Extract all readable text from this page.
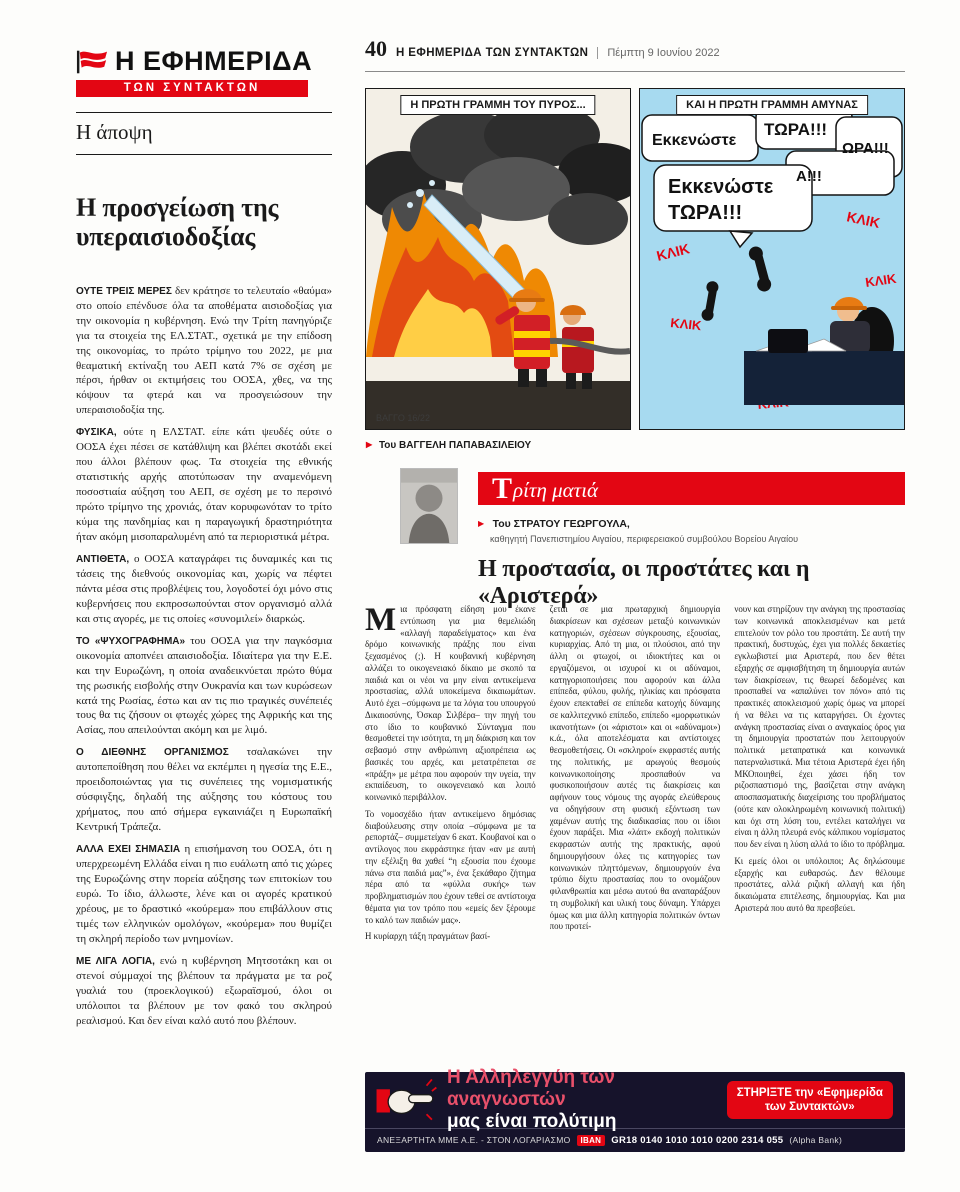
Η ΕΦΗΜΕΡΙΔΑ
ΤΩΝ ΣΥΝΤΑΚΤΩΝ
40 Η ΕΦΗΜΕΡΙΔΑ ΤΩΝ ΣΥΝΤΑΚΤΩΝ	Πέμπτη 9 Ιουνίου 2022
Η άποψη
Η προσγείωση της υπεραισιοδοξίας

ΟΥΤΕ ΤΡΕΙΣ ΜΕΡΕΣ δεν κράτησε το τελευταίο «θαύμα» στο οποίο επένδυσε όλα τα αποθέματα αισιοδοξίας για την οικονομία η κυβέρνηση. Ενώ την Τρίτη πανηγύριζε για τα στοιχεία της ΕΛ.ΣΤΑΤ., σχετικά με την επίδοση της οικονομίας, το πρώτο τρίμηνο του 2022, με μια θεαματική εκτίναξη του ΑΕΠ κατά 7% σε σχέση με πέρσι, ήρθαν οι εκτιμήσεις του ΟΟΣΑ, χθες, να της κόψουν τα φτερά και να προσγειώσουν την υπεραισιοδοξία της.

ΦΥΣΙΚΑ, ούτε η ΕΛΣΤΑΤ. είπε κάτι ψευδές ούτε ο ΟΟΣΑ έχει πέσει σε κατάθλιψη και βλέπει σκοτάδι εκεί που άλλοι βλέπουν φως. Τα στοιχεία της εθνικής στατιστικής αρχής αποτύπωσαν την αναμενόμενη ποσοστιαία αύξηση του ΑΕΠ, σε σχέση με το περσινό πρώτο τρίμηνο της χρονιάς, όταν κορυφωνόταν το τρίτο κύμα της πανδημίας και η παραγωγική δραστηριότητα ήταν ακόμη μισοπαραλυμένη από τα περιοριστικά μέτρα.

ΑΝΤΙΘΕΤΑ, ο ΟΟΣΑ καταγράφει τις δυναμικές και τις τάσεις της διεθνούς οικονομίας και, χωρίς να πέφτει πάντα μέσα στις προβλέψεις του, λογοδοτεί όχι μόνο στις κυβερνήσεις που εκπροσωπούνται στον οργανισμό αλλά και στις αγορές, με τις οποίες «συνομιλεί» διαρκώς.

ΤΟ «ΨΥΧΟΓΡΑΦΗΜΑ» του ΟΟΣΑ για την παγκόσμια οικονομία αποπνέει απαισιοδοξία. Ιδιαίτερα για την Ε.Ε. και την Ευρωζώνη, η οποία αναδεικνύεται πρώτο θύμα της ρωσικής εισβολής στην Ουκρανία και των κυρώσεων κατά της Ρωσίας, έστω και αν τις πιο τραγικές συνέπειές τους θα τις ζήσουν οι φτωχές χώρες της Αφρικής και της Ασίας, που απειλούνται ακόμη και με λιμό.

Ο ΔΙΕΘΝΗΣ ΟΡΓΑΝΙΣΜΟΣ τσαλακώνει την αυτοπεποίθηση που θέλει να εκπέμπει η ηγεσία της Ε.Ε., προειδοποιώντας για τις συνέπειες της νομισματικής σύσφιγξης, δηλαδή της αύξησης του κόστους του χρήματος, που από σήμερα εγκαινιάζει η Ευρωπαϊκή Κεντρική Τράπεζα.

ΑΛΛΑ ΕΧΕΙ ΣΗΜΑΣΙΑ η επισήμανση του ΟΟΣΑ, ότι η υπερχρεωμένη Ελλάδα είναι η πιο ευάλωτη από τις χώρες της Ευρωζώνης στην πορεία αύξησης των επιτοκίων του ευρώ. Το ίδιο, άλλωστε, λένε και οι αγορές κρατικού χρέους, με το δραστικό «κούρεμα» που επιβάλλουν στις τιμές των ελληνικών ομολόγων, «κούρεμα» που θυμίζει τη σκληρή περίοδο των μνημονίων.

ΜΕ ΛΙΓΑ ΛΟΓΙΑ, ενώ η κυβέρνηση Μητσοτάκη και οι στενοί σύμμαχοί της βλέπουν τα πράγματα με τα ροζ γυαλιά του (προεκλογικού) εξωραϊσμού, όλοι οι υπόλοιποι τα βλέπουν με τον φακό του σκληρού ρεαλισμού. Και δεν είναι καλό αυτό που βλέπουν.

Η ΠΡΩΤΗ ΓΡΑΜΜΗ ΤΟΥ ΠΥΡΟΣ...
ΒΑΓΓΟ 16/22
ΚΑΙ Η ΠΡΩΤΗ ΓΡΑΜΜΗ ΑΜΥΝΑΣ
Εκκενώστε
ΤΩΡΑ!!!
ΩΡΑ!!!
Α!!!
Εκκενώστε
ΤΩΡΑ!!!
ΚΛΙΚ
ΚΛΙΚ
ΚΛΙΚ
ΚΛΙΚ
▶ Του ΒΑΓΓΕΛΗ ΠΑΠΑΒΑΣΙΛΕΙΟΥ
Τ ρίτη ματιά
▶ Του ΣΤΡΑΤΟΥ ΓΕΩΡΓΟΥΛΑ,
καθηγητή Πανεπιστημίου Αιγαίου, περιφερειακού συμβούλου Βορείου Αιγαίου
Η προστασία, οι προστάτες και η «Αριστερά»

Μια πρόσφατη είδηση μου έκανε εντύπωση για μια θεμελιώδη «αλλαγή παραδείγματος» και ένα δρόμο κοινωνικής πράξης που είναι ξεχασμένος (;). Η κουβανική κυβέρνηση αλλάζει το οικογενειακό δίκαιο με σκοπό τα παιδιά και οι νέοι να μην είναι αντικείμενα προστασίας, αλλά υποκείμενα δικαιωμάτων. Αυτό έχει –σύμφωνα με τα λόγια του υπουργού Δικαιοσύνης, Όσκαρ Σιλβέρα– την πηγή του στο ίδιο το κουβανικό Σύνταγμα που θεσμοθετεί την ισότητα, τη μη διάκριση και τον σεβασμό στην ανθρώπινη αξιοπρέπεια ως βασικές του αρχές, και μετατρέπεται σε «πράξη» με μέτρα που αφορούν την υγεία, την εκπαίδευση, το οικογενειακό και λοιπό κοινωνικό περιβάλλον.

Το νομοσχέδιο ήταν αντικείμενο δημόσιας διαβούλευσης στην οποία –σύμφωνα με τα ρεπορτάζ– συμμετείχαν 6 εκατ. Κουβανοί και ο αντίλογος που εκφράστηκε ήταν «αν με αυτή την εξέλιξη θα χαθεί “η εξουσία που έχουμε πάνω στα παιδιά μας”», ένα ξεκάθαρο ζήτημα πέρα από τα «φύλλα συκής» των προβληματισμών που έχουν τεθεί σε αντίστοιχα θέματα για τον τρόπο που «εμείς δεν ξέρουμε το καλό των παιδιών μας».

Η κυρίαρχη τάξη πραγμάτων βασί-

ζεται σε μια πρωταρχική δημιουργία διακρίσεων και σχέσεων μεταξύ κοινωνικών κατηγοριών, σχέσεων σύγκρουσης, εξουσίας, κυριαρχίας. Από τη μια, οι πλούσιοι, από την άλλη οι φτωχοί, οι ιδιοκτήτες και οι εργαζόμενοι, οι ισχυροί κι οι αδύναμοι, κατηγοριοποιήσεις που αφορούν και άλλα επίπεδα, φύλου, φυλής, ηλικίας και πρόσφατα έχουν επεκταθεί σε επίπεδα κατοχής δύναμης σε καλλιτεχνικό επίπεδο, επίπεδο «μορφωτικών ικανοτήτων» (οι «άριστοι» και οι «αδύναμοι») κ.ά., όλα αποτελέσματα και αντίστοιχες θεσμοθετήσεις. Οι «σκληροί» εκφραστές αυτής της πολιτικής, με αρωγούς θεσμούς κοινωνικοποίησης προσπαθούν να φυσικοποιήσουν αυτές τις διακρίσεις και αφήνουν τους νόμους της αγοράς ελεύθερους να οδηγήσουν στη φυσική εξόντωση των χαμένων αυτής της διαδικασίας που οι ίδιοι έχουν παράξει. Μια «λάιτ» εκδοχή πολιτικών εκφραστών αυτής της πρακτικής, αφού δημιουργήσουν όλες τις κατηγορίες των κοινωνικών πληττόμενων, δημιουργούν ένα τρύπιο δίχτυ προστασίας που το ονομάζουν φιλανθρωπία και μέσω αυτού θα αναπαράξουν τη συμβολική και υλική τους δύναμη. Υπάρχει όμως και μια άλλη κατηγορία πολιτικών όντων που προτεί-

νουν και στηρίζουν την ανάγκη της προστασίας των κοινωνικά αποκλεισμένων και μετά επιτελούν τον ρόλο του προστάτη. Σε αυτή την πρακτική, δυστυχώς, έχει για πολλές δεκαετίες εγκλωβιστεί μια Αριστερά, που δεν θέτει εξαρχής σε αμφισβήτηση τη δημιουργία αυτών των διακρίσεων, τις θεωρεί δεδομένες και προσπαθεί να «απαλύνει τον πόνο» από τις πρακτικές αποκλεισμού χωρίς όμως να μπορεί ή να θέλει να τις καταργήσει. Οι έχοντες ανάγκη προστασίας είναι ο αναγκαίος όρος για τη δημιουργία προστατών που λειτουργούν πολιτικά μεταπρατικά και κοινωνικά πατερναλιστικά. Μια τέτοια Αριστερά έχει ήδη ΜΚΟποιηθεί, έχει χάσει ήδη τον ριζοσπαστισμό της, βασίζεται στην ανάγκη αποσπασματικής διαχείρισης του προβλήματος (ούτε καν ολοκληρωμένη κοινωνική πολιτική) και όχι στη λύση του, εντέλει καταλήγει να είναι η άλλη πλευρά ενός κάλπικου νομίσματος που δεν είναι η λύση αλλά το ίδιο το πρόβλημα.

Κι εμείς όλοι οι υπόλοιποι; Ας δηλώσουμε εξαρχής και ευθαρσώς. Δεν θέλουμε προστάτες, αλλά ριζική αλλαγή και ήδη δικαιώματα επιτέλεσης, δημιουργίας. Και μια Αριστερά που αυτό θα πρεσβεύει.

Η Αλληλεγγύη των αναγνωστών
μας είναι πολύτιμη
ΣΤΗΡΙΞΤΕ την «Εφημερίδα
των Συντακτών»
ΑΝΕΞΑΡΤΗΤΑ ΜΜΕ Α.Ε. - ΣΤΟΝ ΛΟΓΑΡΙΑΣΜΟ	IBAN	GR18 0140 1010 1010 0200 2314 055 (Alpha Bank)
